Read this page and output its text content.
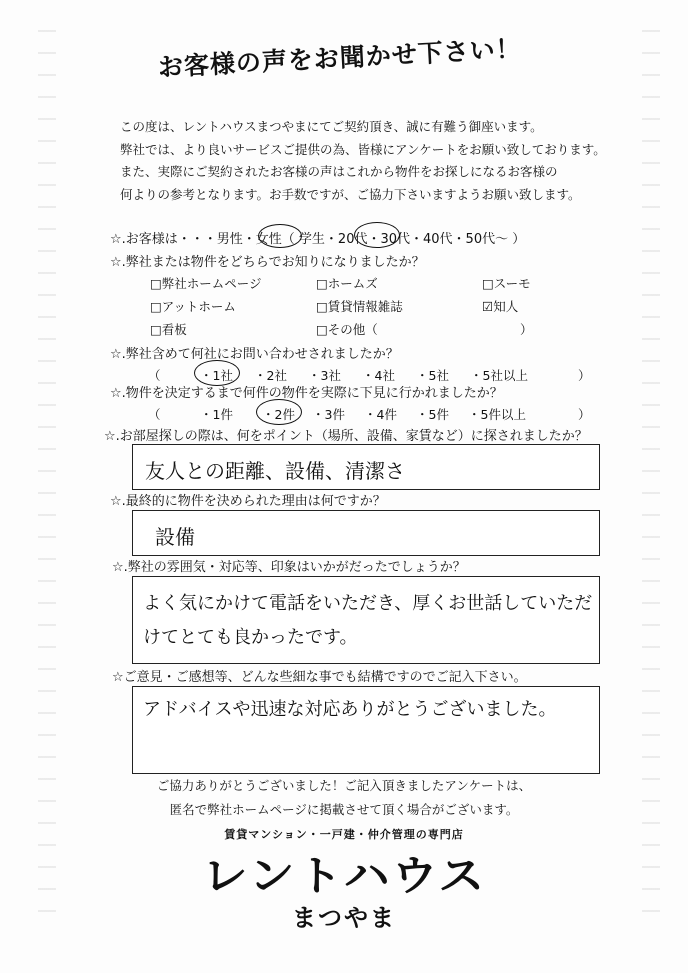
お客様の声をお聞かせ下さい！
この度は、レントハウスまつやまにてご契約頂き、誠に有難う御座います。
弊社では、より良いサービスご提供の為、皆様にアンケートをお願い致しております。
また、実際にご契約されたお客様の声はこれから物件をお探しになるお客様の
何よりの参考となります。お手数ですが、ご協力下さいますようお願い致します。
☆.お客様は・・・男性・女性（ 学生・20代・30代・40代・50代〜 ）
☆.弊社または物件をどちらでお知りになりましたか？
□弊社ホームページ	□ホームズ	□スーモ
□アットホーム	□賃貸情報雑誌	☑知人
□看板	□その他（	）
☆.弊社含めて何社にお問い合わせされましたか？
（	・1社 ・2社 ・3社 ・4社 ・5社 ・5社以上	）
☆.物件を決定するまで何件の物件を実際に下見に行かれましたか？
（	・1件 ・2件 ・3件 ・4件 ・5件 ・5件以上	）
☆.お部屋探しの際は、何をポイント（場所、設備、家賃など）に探されましたか？
友人との距離、設備、清潔さ
☆.最終的に物件を決められた理由は何ですか？
設備
☆.弊社の雰囲気・対応等、印象はいかがだったでしょうか？
よく気にかけて電話をいただき、厚くお世話していただ
けてとても良かったです。
☆ご意見・ご感想等、どんな些細な事でも結構ですのでご記入下さい。
アドバイスや迅速な対応ありがとうございました。
ご協力ありがとうございました！ご記入頂きましたアンケートは、
匿名で弊社ホームページに掲載させて頂く場合がございます。
賃貸マンション・一戸建・仲介管理の専門店
レントハウス
まつやま
